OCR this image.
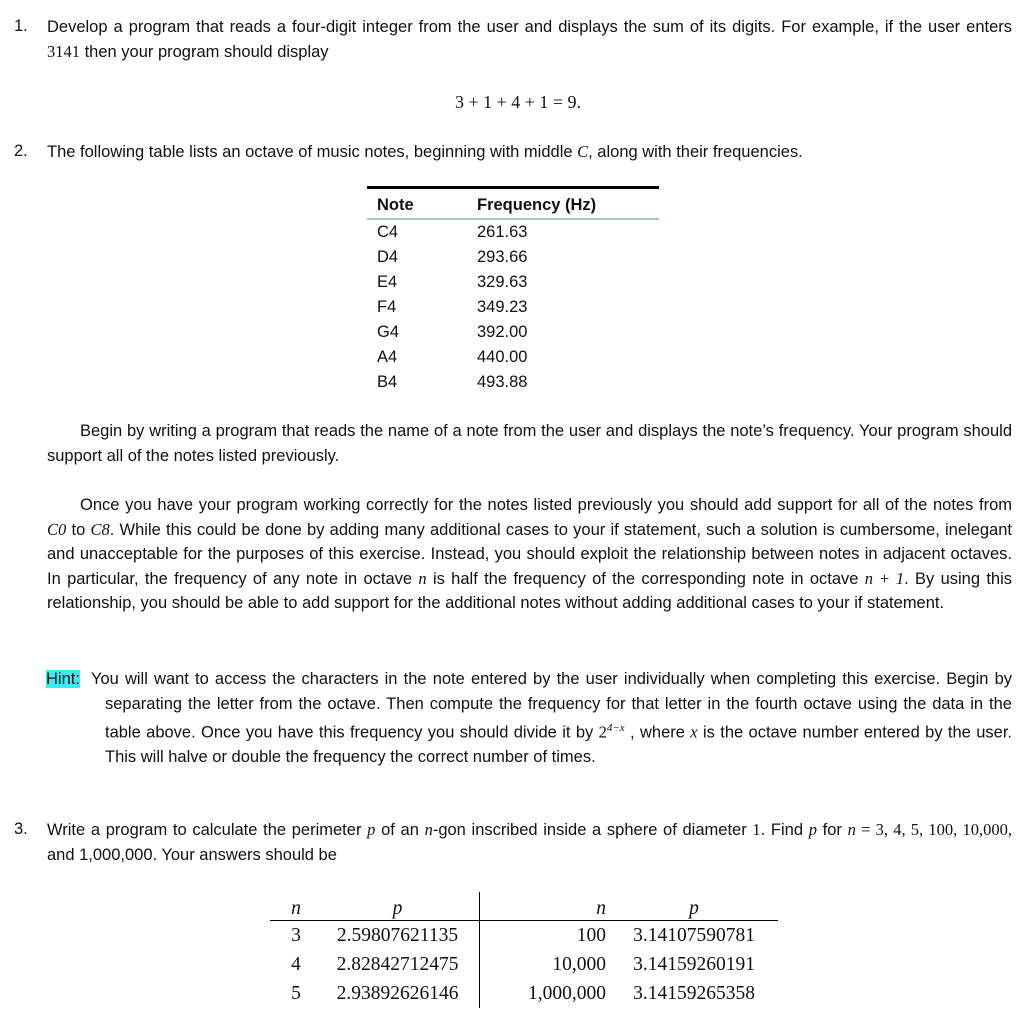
1. Develop a program that reads a four-digit integer from the user and displays the sum of its digits. For example, if the user enters 3141 then your program should display
3 + 1 + 4 + 1 = 9.
2. The following table lists an octave of music notes, beginning with middle C, along with their frequencies.
Note	Frequency (Hz)
C4	261.63
D4	293.66
E4	329.63
F4	349.23
G4	392.00
A4	440.00
B4	493.88
Begin by writing a program that reads the name of a note from the user and displays the note’s frequency. Your program should support all of the notes listed previously.
Once you have your program working correctly for the notes listed previously you should add support for all of the notes from C0 to C8. While this could be done by adding many additional cases to your if statement, such a solution is cumbersome, inelegant and unacceptable for the purposes of this exercise. Instead, you should exploit the relationship between notes in adjacent octaves. In particular, the frequency of any note in octave n is half the frequency of the corresponding note in octave n + 1. By using this relationship, you should be able to add support for the additional notes without adding additional cases to your if statement.
Hint: You will want to access the characters in the note entered by the user individually when completing this exercise. Begin by separating the letter from the octave. Then compute the frequency for that letter in the fourth octave using the data in the table above. Once you have this frequency you should divide it by $2^{4-x}$ , where x is the octave number entered by the user. This will halve or double the frequency the correct number of times.
3. Write a program to calculate the perimeter p of an n-gon inscribed inside a sphere of diameter 1. Find p for n = 3, 4, 5, 100, 10,000, and 1,000,000. Your answers should be
n	p	n	p
3	2.59807621135	100	3.14107590781
4	2.82842712475	10,000	3.14159260191
5	2.93892626146	1,000,000	3.14159265358
